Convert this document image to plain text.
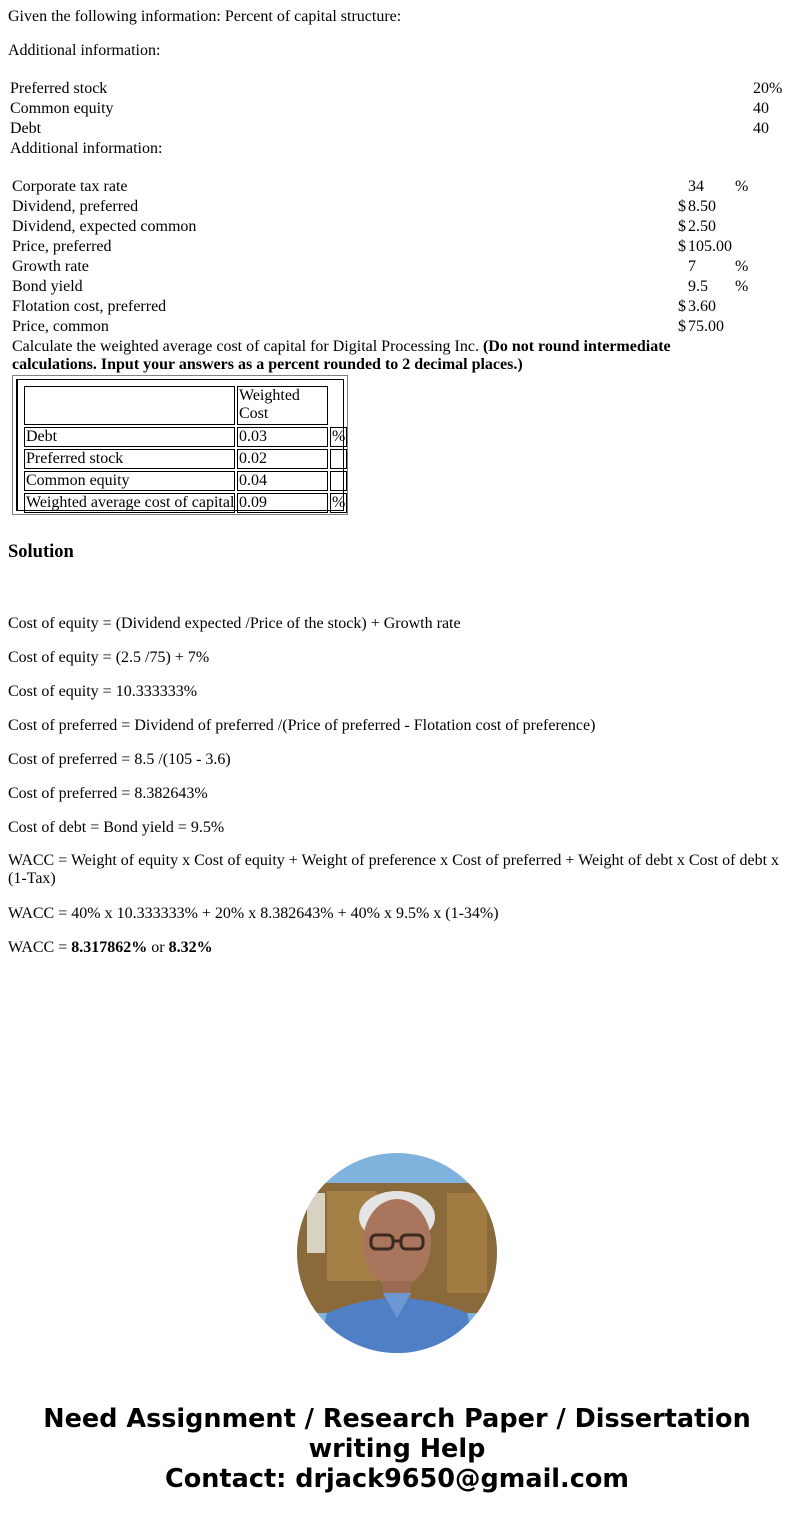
Given the following information: Percent of capital structure:
Additional information:
Preferred stock	20%
Common equity	40
Debt	40
Additional information:
Corporate tax rate	34 %
Dividend, preferred	$ 8.50
Dividend, expected common	$ 2.50
Price, preferred	$ 105.00
Growth rate	7 %
Bond yield	9.5 %
Flotation cost, preferred	$ 3.60
Price, common	$ 75.00
Calculate the weighted average cost of capital for Digital Processing Inc. (Do not round intermediate calculations. Input your answers as a percent rounded to 2 decimal places.)
Weighted Cost
Debt	0.03	%
Preferred stock	0.02
Common equity	0.04
Weighted average cost of capital 0.09	%
Solution
Cost of equity = (Dividend expected /Price of the stock) + Growth rate
Cost of equity = (2.5 /75) + 7%
Cost of equity = 10.333333%
Cost of preferred = Dividend of preferred /(Price of preferred - Flotation cost of preference)
Cost of preferred = 8.5 /(105 - 3.6)
Cost of preferred = 8.382643%
Cost of debt = Bond yield = 9.5%
WACC = Weight of equity x Cost of equity + Weight of preference x Cost of preferred + Weight of debt x Cost of debt x (1-Tax)
WACC = 40% x 10.333333% + 20% x 8.382643% + 40% x 9.5% x (1-34%)
WACC = 8.317862% or 8.32%
Need Assignment / Research Paper / Dissertation
writing Help
Contact: drjack9650@gmail.com
